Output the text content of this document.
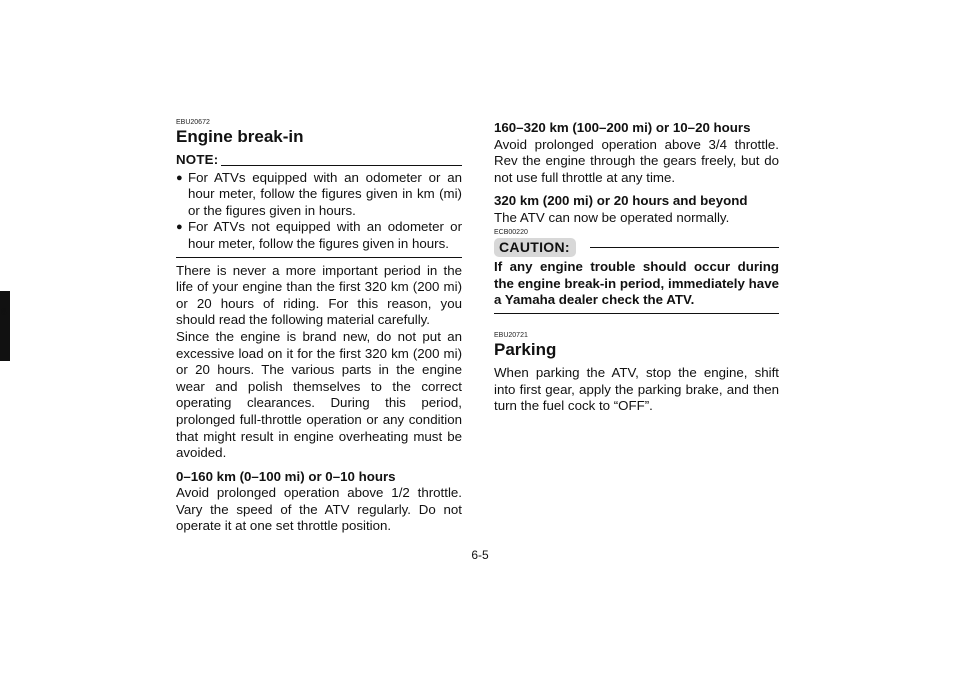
6
EBU20672
Engine break-in
NOTE:
● For ATVs equipped with an odometer or an hour meter, follow the figures given in km (mi) or the figures given in hours.
● For ATVs not equipped with an odometer or hour meter, follow the figures given in hours.

There is never a more important period in the life of your engine than the first 320 km (200 mi) or 20 hours of riding. For this reason, you should read the following material carefully.

Since the engine is brand new, do not put an excessive load on it for the first 320 km (200 mi) or 20 hours. The various parts in the engine wear and polish themselves to the correct operating clearances. During this period, prolonged full-throttle operation or any condition that might result in engine overheating must be avoided.

0–160 km (0–100 mi) or 0–10 hours

Avoid prolonged operation above 1/2 throttle. Vary the speed of the ATV regularly. Do not operate it at one set throttle position.

160–320 km (100–200 mi) or 10–20 hours

Avoid prolonged operation above 3/4 throttle. Rev the engine through the gears freely, but do not use full throttle at any time.

320 km (200 mi) or 20 hours and beyond

The ATV can now be operated normally.

ECB00220
CAUTION:
If any engine trouble should occur during the engine break-in period, immediately have a Yamaha dealer check the ATV.
EBU20721
Parking

When parking the ATV, stop the engine, shift into first gear, apply the parking brake, and then turn the fuel cock to “OFF”.

6-5
